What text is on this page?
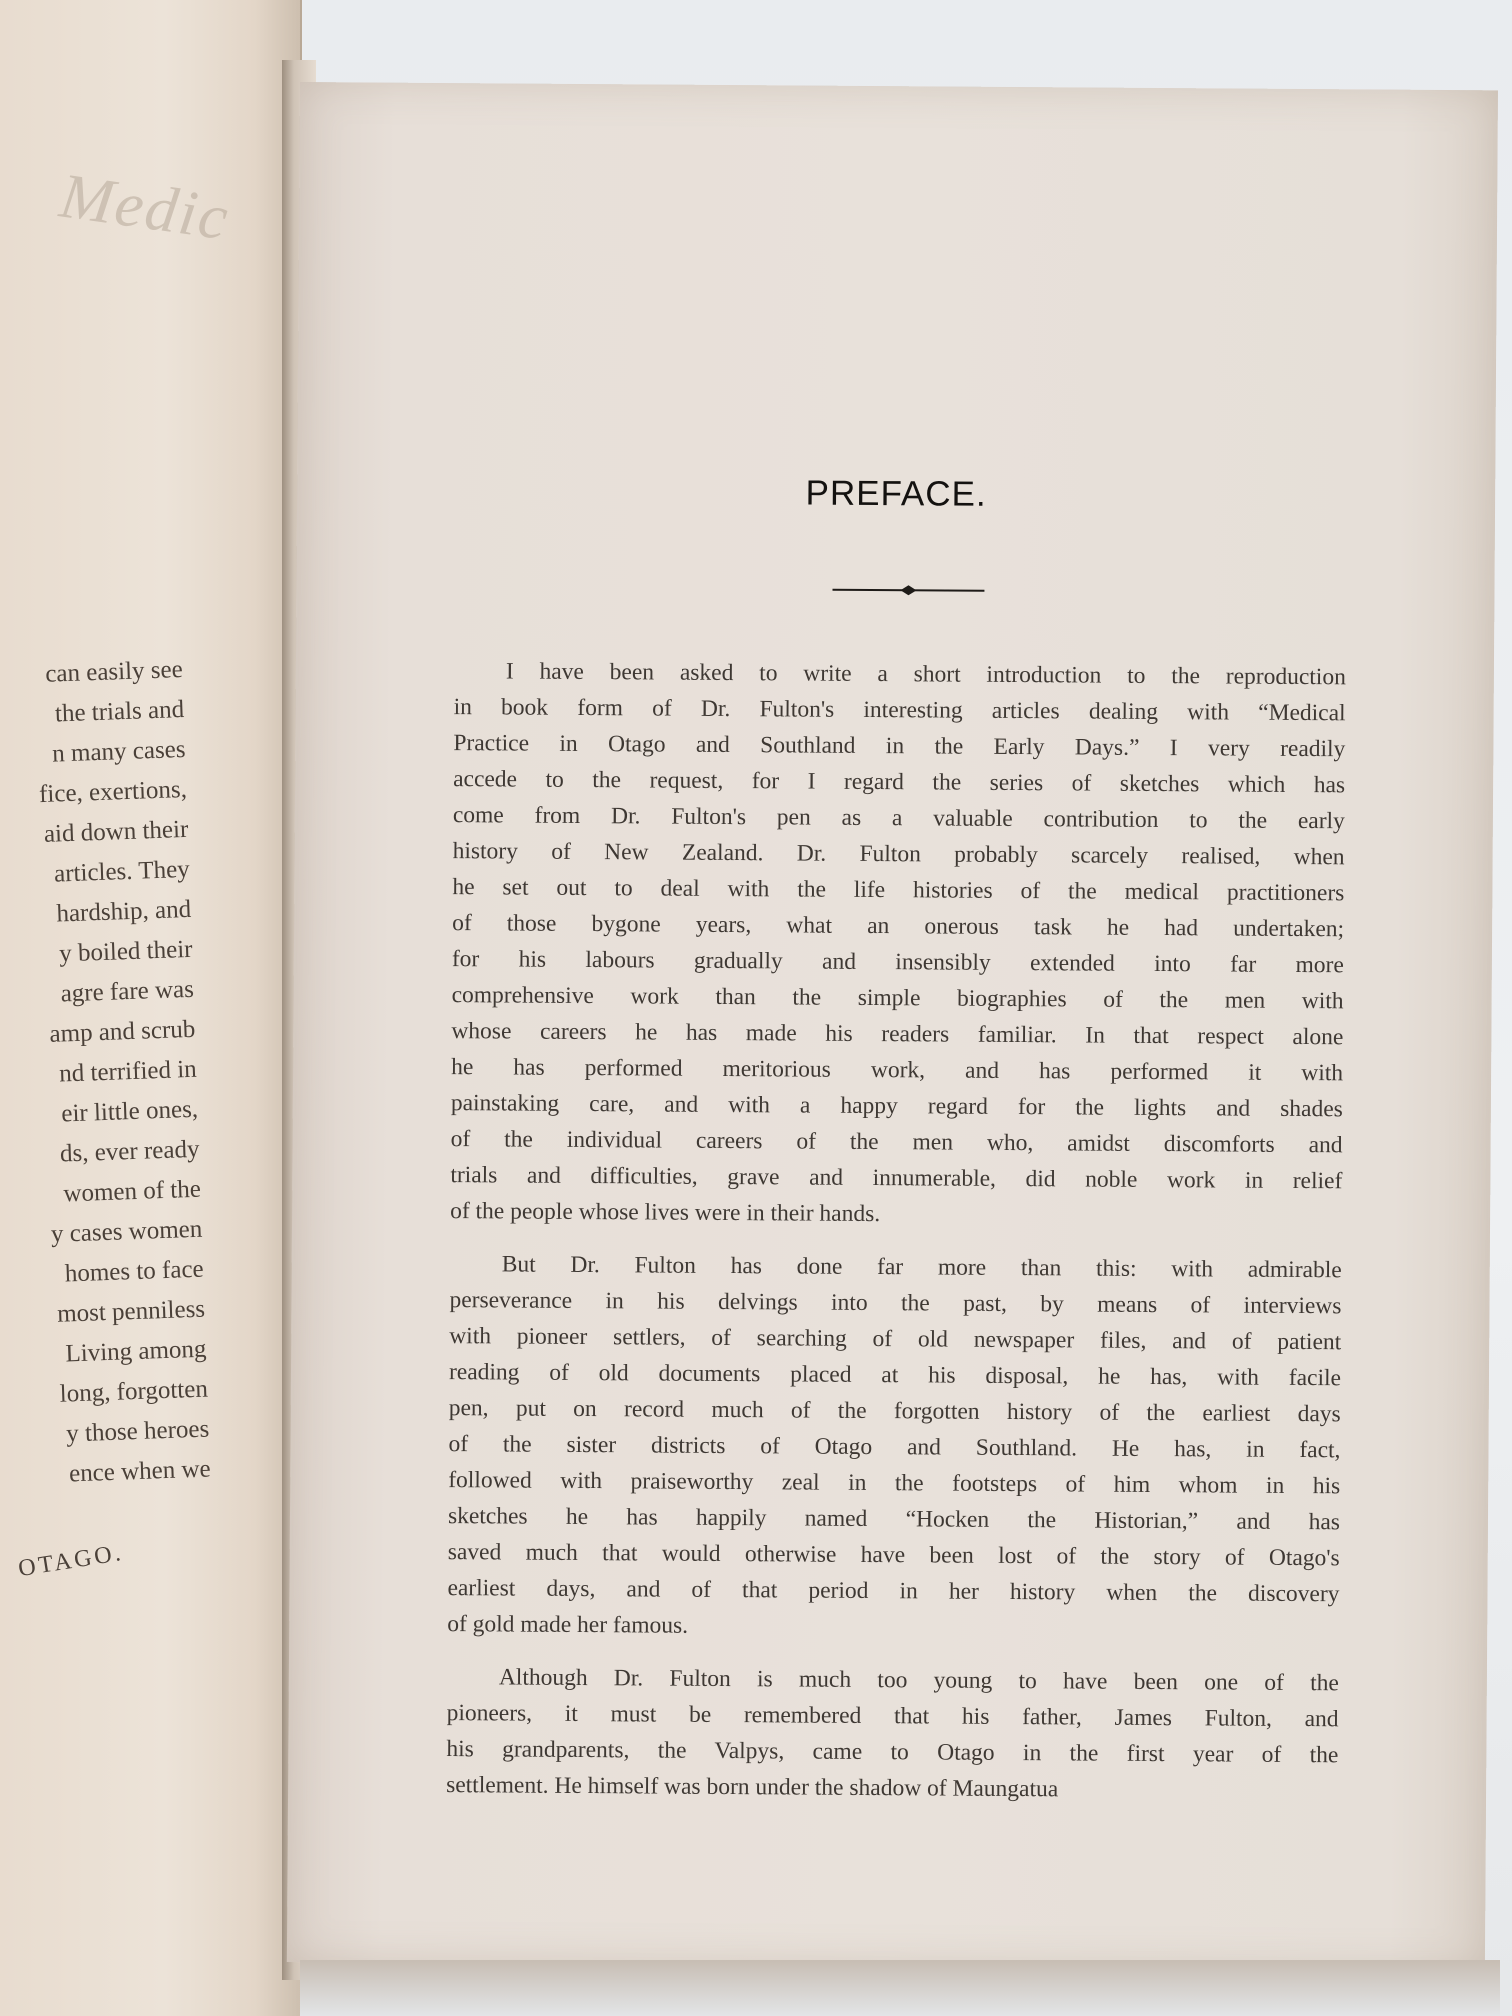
Medic
can easily see
the trials and
n many cases
fice, exertions,
aid down their
articles. They
hardship, and
y boiled their
agre fare was
amp and scrub
nd terrified in
eir little ones,
ds, ever ready
women of the
y cases women
homes to face
most penniless
Living among
long, forgotten
y those heroes
ence when we
OTAGO.
PREFACE.
I have been asked to write a short introduction to the reproduction
in book form of Dr. Fulton's interesting articles dealing with “Medical
Practice in Otago and Southland in the Early Days.” I very readily
accede to the request, for I regard the series of sketches which has
come from Dr. Fulton's pen as a valuable contribution to the early
history of New Zealand. Dr. Fulton probably scarcely realised, when
he set out to deal with the life histories of the medical practitioners
of those bygone years, what an onerous task he had undertaken;
for his labours gradually and insensibly extended into far more
comprehensive work than the simple biographies of the men with
whose careers he has made his readers familiar. In that respect alone
he has performed meritorious work, and has performed it with
painstaking care, and with a happy regard for the lights and shades
of the individual careers of the men who, amidst discomforts and
trials and difficulties, grave and innumerable, did noble work in relief
of the people whose lives were in their hands.
But Dr. Fulton has done far more than this: with admirable
perseverance in his delvings into the past, by means of interviews
with pioneer settlers, of searching of old newspaper files, and of patient
reading of old documents placed at his disposal, he has, with facile
pen, put on record much of the forgotten history of the earliest days
of the sister districts of Otago and Southland. He has, in fact,
followed with praiseworthy zeal in the footsteps of him whom in his
sketches he has happily named “Hocken the Historian,” and has
saved much that would otherwise have been lost of the story of Otago's
earliest days, and of that period in her history when the discovery
of gold made her famous.
Although Dr. Fulton is much too young to have been one of the
pioneers, it must be remembered that his father, James Fulton, and
his grandparents, the Valpys, came to Otago in the first year of the
settlement. He himself was born under the shadow of Maungatua
